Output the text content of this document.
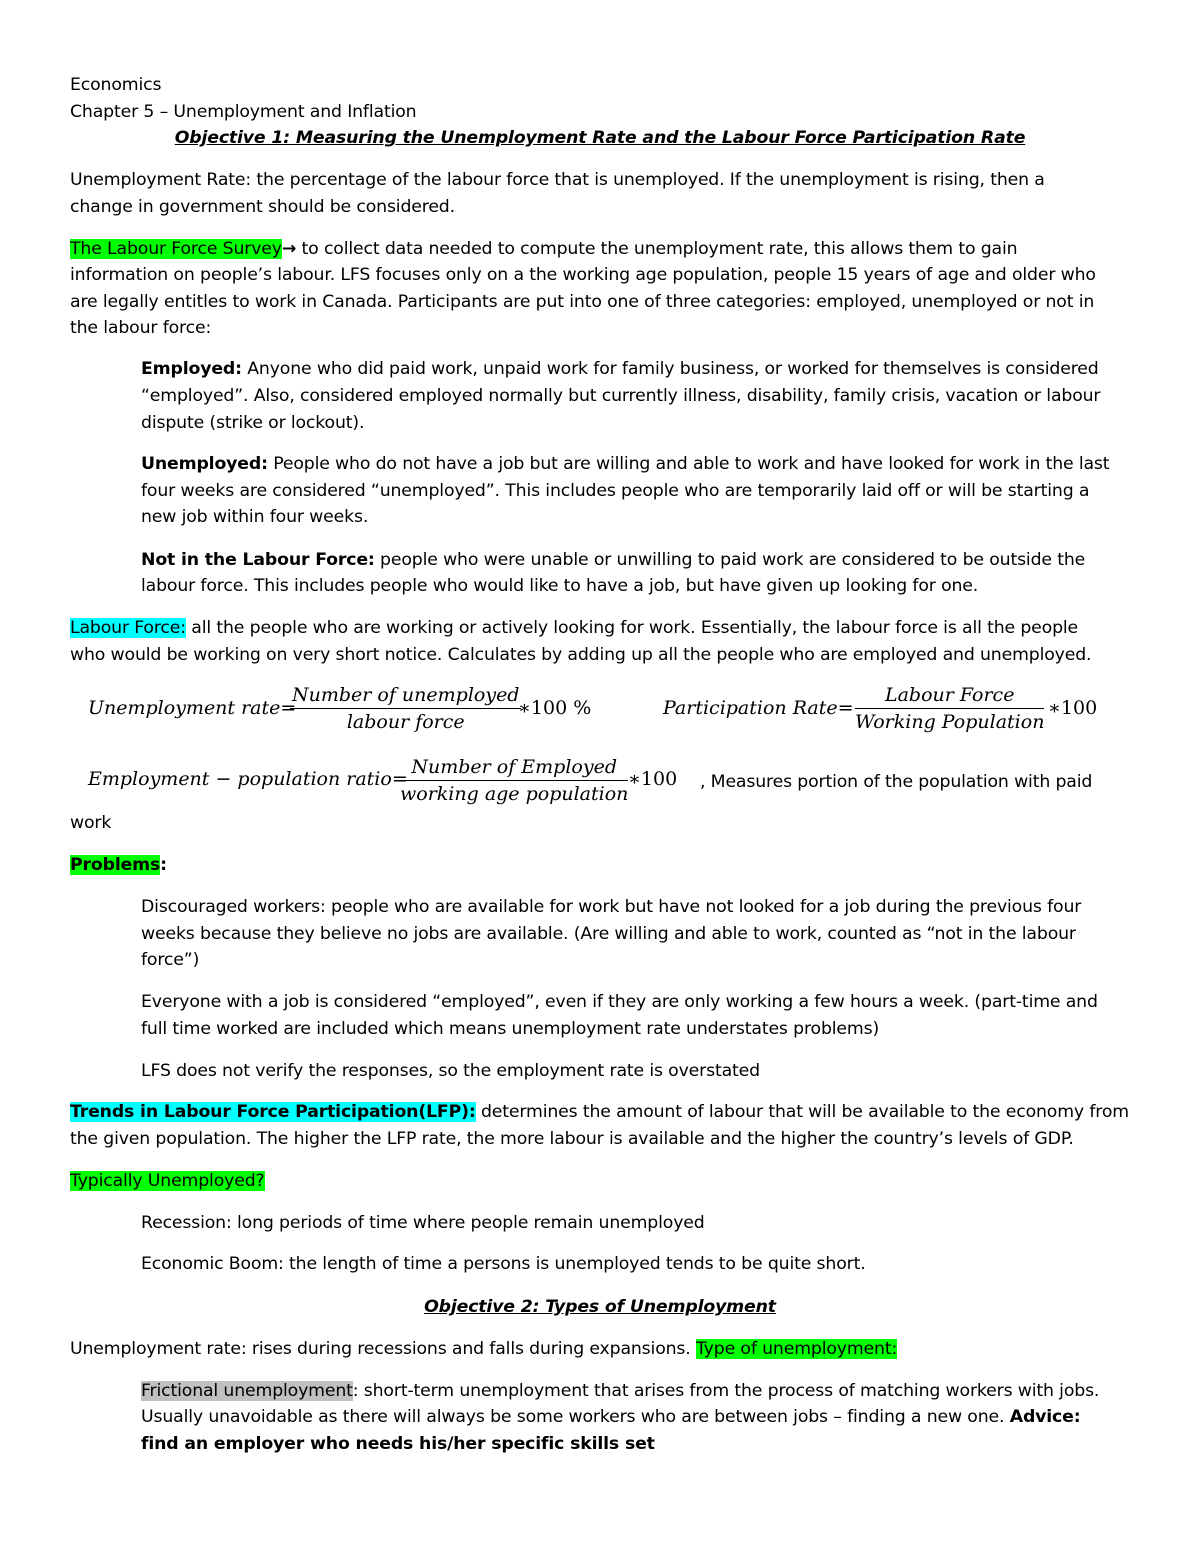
Economics
Chapter 5 – Unemployment and Inflation
Objective 1: Measuring the Unemployment Rate and the Labour Force Participation Rate
Unemployment Rate: the percentage of the labour force that is unemployed. If the unemployment is rising, then a
change in government should be considered.
The Labour Force Survey→ to collect data needed to compute the unemployment rate, this allows them to gain
information on people’s labour. LFS focuses only on a the working age population, people 15 years of age and older who
are legally entitles to work in Canada. Participants are put into one of three categories: employed, unemployed or not in
the labour force:
Employed: Anyone who did paid work, unpaid work for family business, or worked for themselves is considered
“employed”. Also, considered employed normally but currently illness, disability, family crisis, vacation or labour
dispute (strike or lockout).
Unemployed: People who do not have a job but are willing and able to work and have looked for work in the last
four weeks are considered “unemployed”. This includes people who are temporarily laid off or will be starting a
new job within four weeks.
Not in the Labour Force: people who were unable or unwilling to paid work are considered to be outside the
labour force. This includes people who would like to have a job, but have given up looking for one.
Labour Force: all the people who are working or actively looking for work. Essentially, the labour force is all the people
who would be working on very short notice. Calculates by adding up all the people who are employed and unemployed.
Unemployment rate=
Number of unemployed
labour force
∗100 %	Participation Rate=
Labour Force
Working Population
∗100
Employment − population ratio=
Number of Employed
working age population
∗100 , Measures portion of the population with paid
work
Problems:
Discouraged workers: people who are available for work but have not looked for a job during the previous four
weeks because they believe no jobs are available. (Are willing and able to work, counted as “not in the labour
force”)
Everyone with a job is considered “employed”, even if they are only working a few hours a week. (part-time and
full time worked are included which means unemployment rate understates problems)
LFS does not verify the responses, so the employment rate is overstated
Trends in Labour Force Participation(LFP): determines the amount of labour that will be available to the economy from
the given population. The higher the LFP rate, the more labour is available and the higher the country’s levels of GDP.
Typically Unemployed?
Recession: long periods of time where people remain unemployed
Economic Boom: the length of time a persons is unemployed tends to be quite short.
Objective 2: Types of Unemployment
Unemployment rate: rises during recessions and falls during expansions. Type of unemployment:
Frictional unemployment: short-term unemployment that arises from the process of matching workers with jobs.
Usually unavoidable as there will always be some workers who are between jobs – finding a new one. Advice:
find an employer who needs his/her specific skills set
